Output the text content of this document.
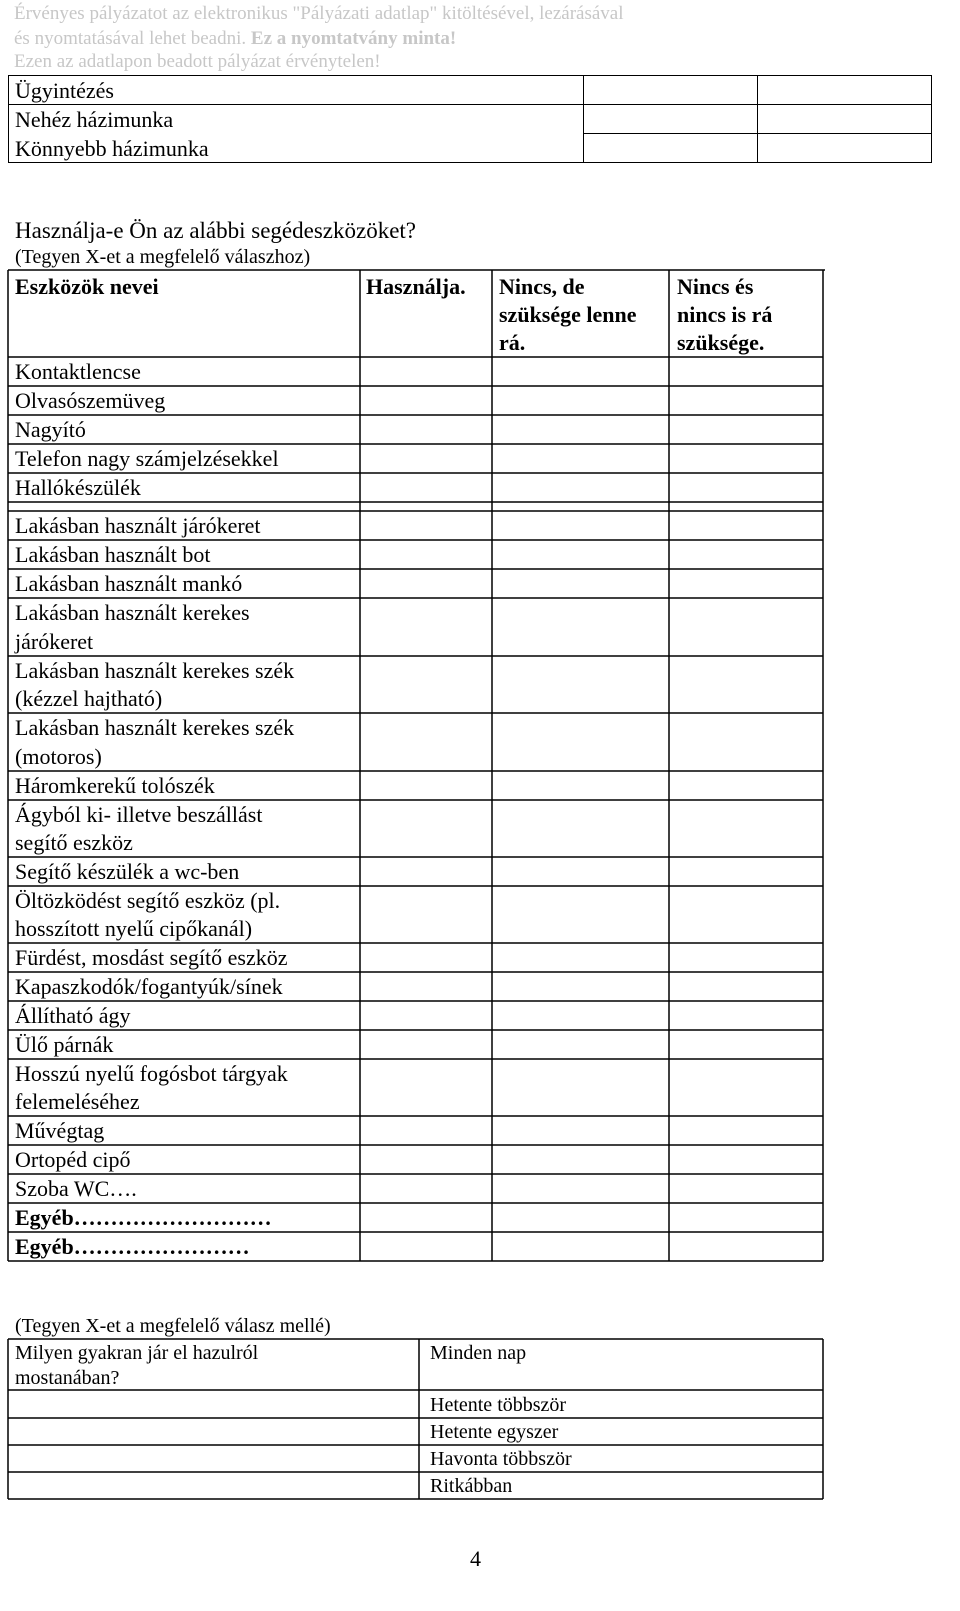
Érvényes pályázatot az elektronikus "Pályázati adatlap" kitöltésével, lezárásával
és nyomtatásával lehet beadni. Ez a nyomtatvány minta!
Ezen az adatlapon beadott pályázat érvénytelen!
Ügyintézés
Nehéz házimunka
Könnyebb házimunka
Használja-e Ön az alábbi segédeszközöket?
(Tegyen X-et a megfelelő válaszhoz)
Eszközök nevei	Használja. Nincs, de
szüksége lenne
rá.
Nincs és
nincs is rá
szüksége.
Kontaktlencse
Olvasószemüveg
Nagyító
Telefon nagy számjelzésekkel
Hallókészülék
Lakásban használt járókeret
Lakásban használt bot
Lakásban használt mankó
Lakásban használt kerekes
járókeret
Lakásban használt kerekes szék
(kézzel hajtható)
Lakásban használt kerekes szék
(motoros)
Háromkerekű tolószék
Ágyból ki- illetve beszállást
segítő eszköz
Segítő készülék a wc-ben
Öltözködést segítő eszköz (pl.
hosszított nyelű cipőkanál)
Fürdést, mosdást segítő eszköz
Kapaszkodók/fogantyúk/sínek
Állítható ágy
Ülő párnák
Hosszú nyelű fogósbot tárgyak
felemeléséhez
Művégtag
Ortopéd cipő
Szoba WC….
Egyéb………………………
Egyéb……………………
(Tegyen X-et a megfelelő válasz mellé)
Milyen gyakran jár el hazulról
mostanában?
Minden nap
Hetente többször
Hetente egyszer
Havonta többször
Ritkábban
4
